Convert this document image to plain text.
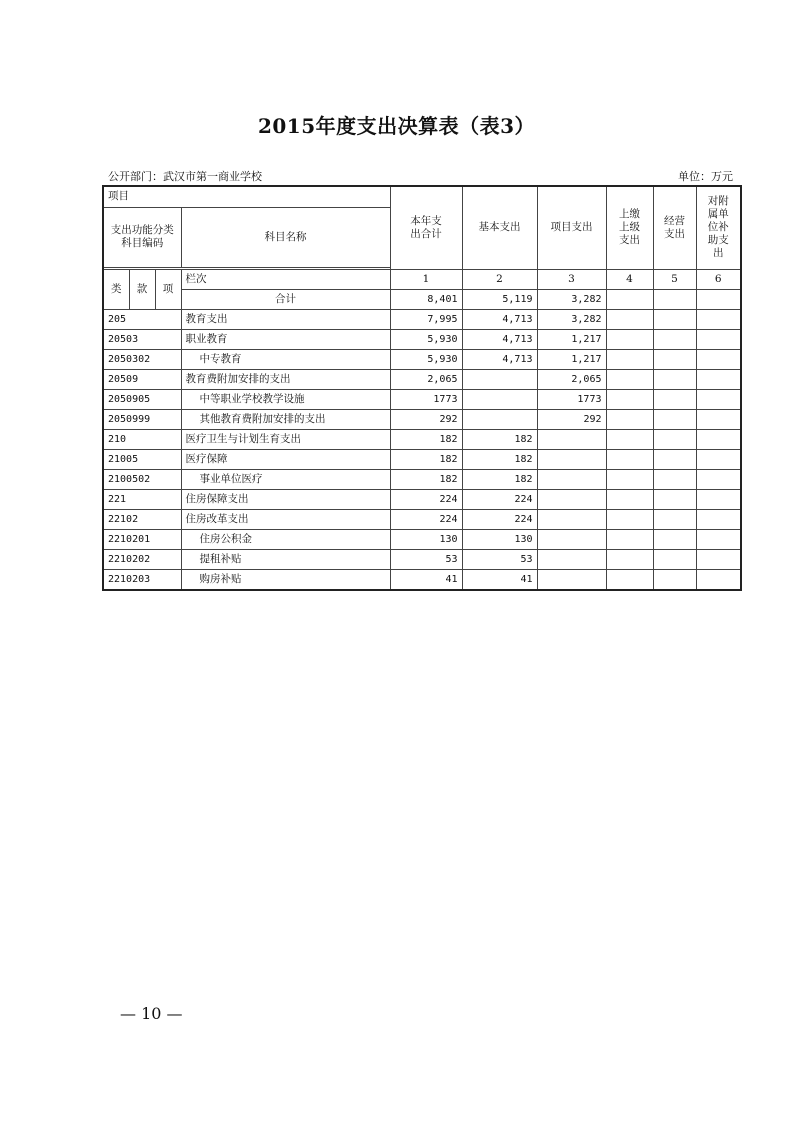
2015年度支出决算表（表3）
公开部门：武汉市第一商业学校	单位：万元
项目				本年支出合计	基本支出	项目支出	上缴上级支出	经营支出	对附属单位补助支出
支出功能分类科目编码			科目名称						

类	款	项	栏次	1	2	3	4	5	6
			合计	8,401	5,119	3,282			
205			教育支出	7,995	4,713	3,282			
20503			职业教育	5,930	4,713	1,217			
2050302			中专教育	5,930	4,713	1,217			
20509			教育费附加安排的支出	2,065		2,065			
2050905			中等职业学校教学设施	1773		1773			
2050999			其他教育费附加安排的支出	292		292			
210			医疗卫生与计划生育支出	182	182				
21005			医疗保障	182	182				
2100502			事业单位医疗	182	182				
221			住房保障支出	224	224				
22102			住房改革支出	224	224				
2210201			住房公积金	130	130				
2210202			提租补贴	53	53				
2210203			购房补贴	41	41				
— 10 —
